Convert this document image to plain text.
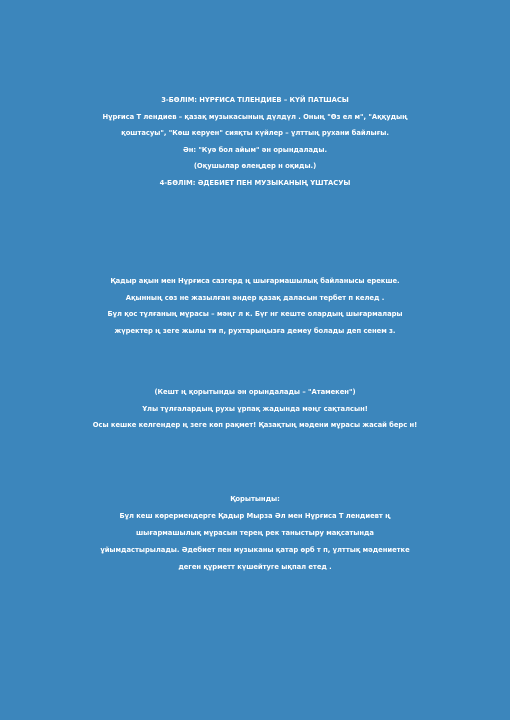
3-БӨЛІМ: НҰРҒИСА ТІЛЕНДИЕВ – КҮЙ ПАТШАСЫ

Нұрғиса Т лендиев – қазақ музыкасының дүлдүл . Оның "Өз ел м", "Аққудың

қоштасуы", "Көш керуен" сияқты күйлер – ұлттың рухани байлығы.

Ән: "Куә бол айым" ән орындалады.

(Оқушылар өлеңдер н оқиды.)

4-БӨЛІМ: ӘДЕБИЕТ ПЕН МУЗЫКАНЫҢ ҰШТАСУЫ

Қадыр ақын мен Нұрғиса сазгерд ң шығармашылық байланысы ерекше.

Ақынның сөз не жазылған әндер қазақ даласын тербет п келед .

Бұл қос тұлғаның мұрасы – мәңг л к. Бүг нг кеште олардың шығармалары

жүректер ң зеге жылы ти п, рухтарыңызға демеу болады деп сенем з.

(Кешт ң қорытынды ән орындалады – "Атамекен")

Ұлы тұлғалардың рухы ұрпақ жадында мәңг сақталсын!

Осы кешке келгендер ң зеге көп рақмет! Қазақтың мәдени мұрасы жасай берс н!

Қорытынды:

Бұл кеш көрермендерге Қадыр Мырза Әл мен Нұрғиса Т лендиевт ң

шығармашылық мұрасын терең рек таныстыру мақсатында

ұйымдастырылады. Әдебиет пен музыканы қатар өрб т п, ұлттық мәдениетке

деген құрметт күшейтуге ықпал етед .
